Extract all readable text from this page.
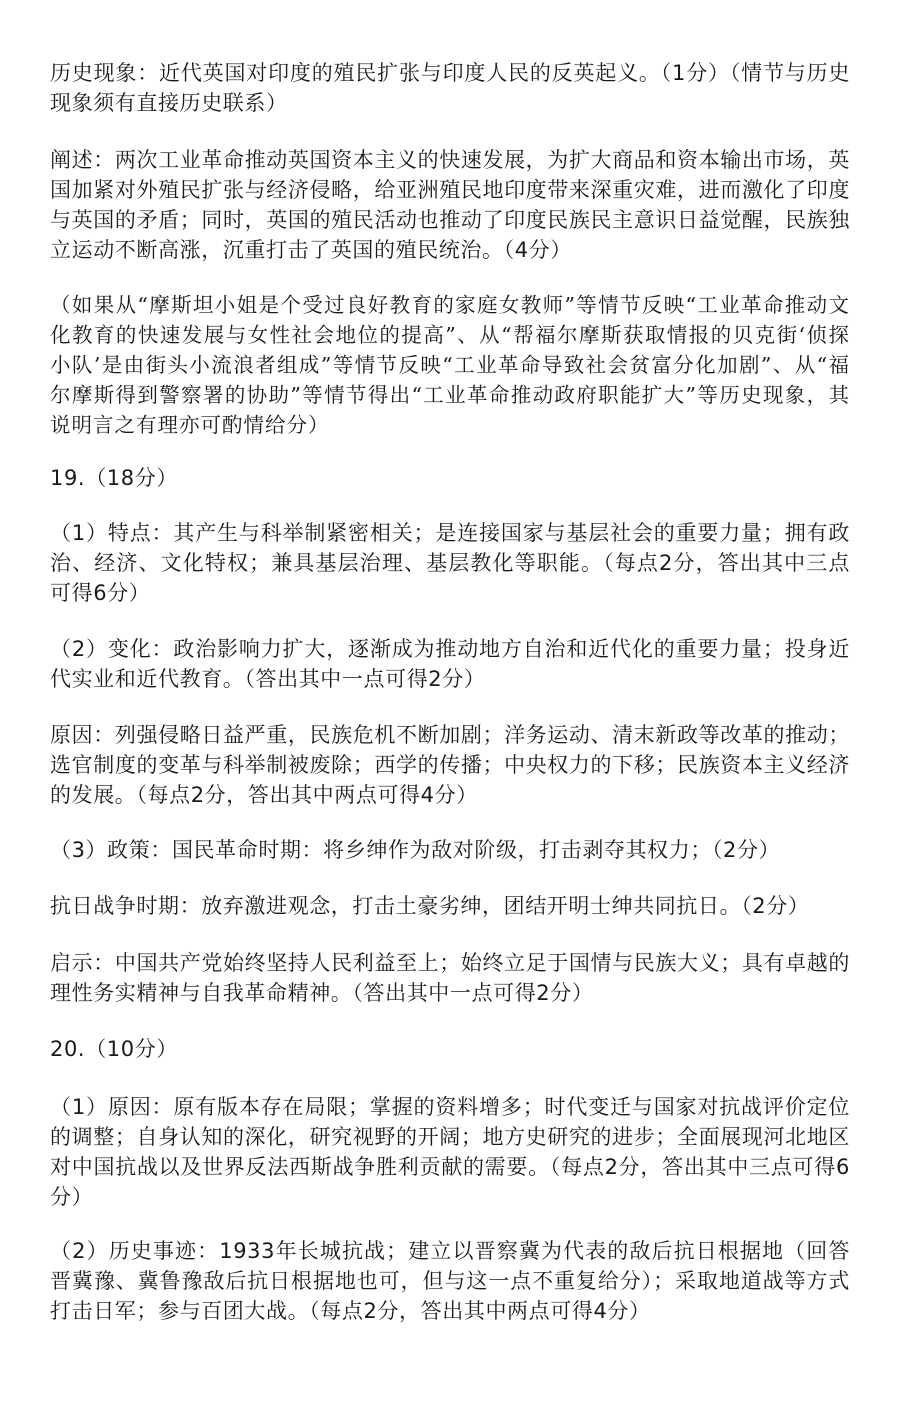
历史现象：近代英国对印度的殖民扩张与印度人民的反英起义。（1分）（情节与历史现象须有直接历史联系）

阐述：两次工业革命推动英国资本主义的快速发展，为扩大商品和资本输出市场，英国加紧对外殖民扩张与经济侵略，给亚洲殖民地印度带来深重灾难，进而激化了印度与英国的矛盾；同时，英国的殖民活动也推动了印度民族民主意识日益觉醒，民族独立运动不断高涨，沉重打击了英国的殖民统治。（4分）

（如果从“摩斯坦小姐是个受过良好教育的家庭女教师”等情节反映“工业革命推动文化教育的快速发展与女性社会地位的提高”、从“帮福尔摩斯获取情报的贝克街‘侦探小队’是由街头小流浪者组成”等情节反映“工业革命导致社会贫富分化加剧”、从“福尔摩斯得到警察署的协助”等情节得出“工业革命推动政府职能扩大”等历史现象，其说明言之有理亦可酌情给分）

19.（18分）

（1）特点：其产生与科举制紧密相关；是连接国家与基层社会的重要力量；拥有政治、经济、文化特权；兼具基层治理、基层教化等职能。（每点2分，答出其中三点可得6分）

（2）变化：政治影响力扩大，逐渐成为推动地方自治和近代化的重要力量；投身近代实业和近代教育。（答出其中一点可得2分）

原因：列强侵略日益严重，民族危机不断加剧；洋务运动、清末新政等改革的推动；选官制度的变革与科举制被废除；西学的传播；中央权力的下移；民族资本主义经济的发展。（每点2分，答出其中两点可得4分）

（3）政策：国民革命时期：将乡绅作为敌对阶级，打击剥夺其权力；（2分）

抗日战争时期：放弃激进观念，打击土豪劣绅，团结开明士绅共同抗日。（2分）

启示：中国共产党始终坚持人民利益至上；始终立足于国情与民族大义；具有卓越的理性务实精神与自我革命精神。（答出其中一点可得2分）

20.（10分）

（1）原因：原有版本存在局限；掌握的资料增多；时代变迁与国家对抗战评价定位的调整；自身认知的深化，研究视野的开阔；地方史研究的进步；全面展现河北地区对中国抗战以及世界反法西斯战争胜利贡献的需要。（每点2分，答出其中三点可得6分）

（2）历史事迹：1933年长城抗战；建立以晋察冀为代表的敌后抗日根据地（回答晋冀豫、冀鲁豫敌后抗日根据地也可，但与这一点不重复给分）；采取地道战等方式打击日军；参与百团大战。（每点2分，答出其中两点可得4分）
